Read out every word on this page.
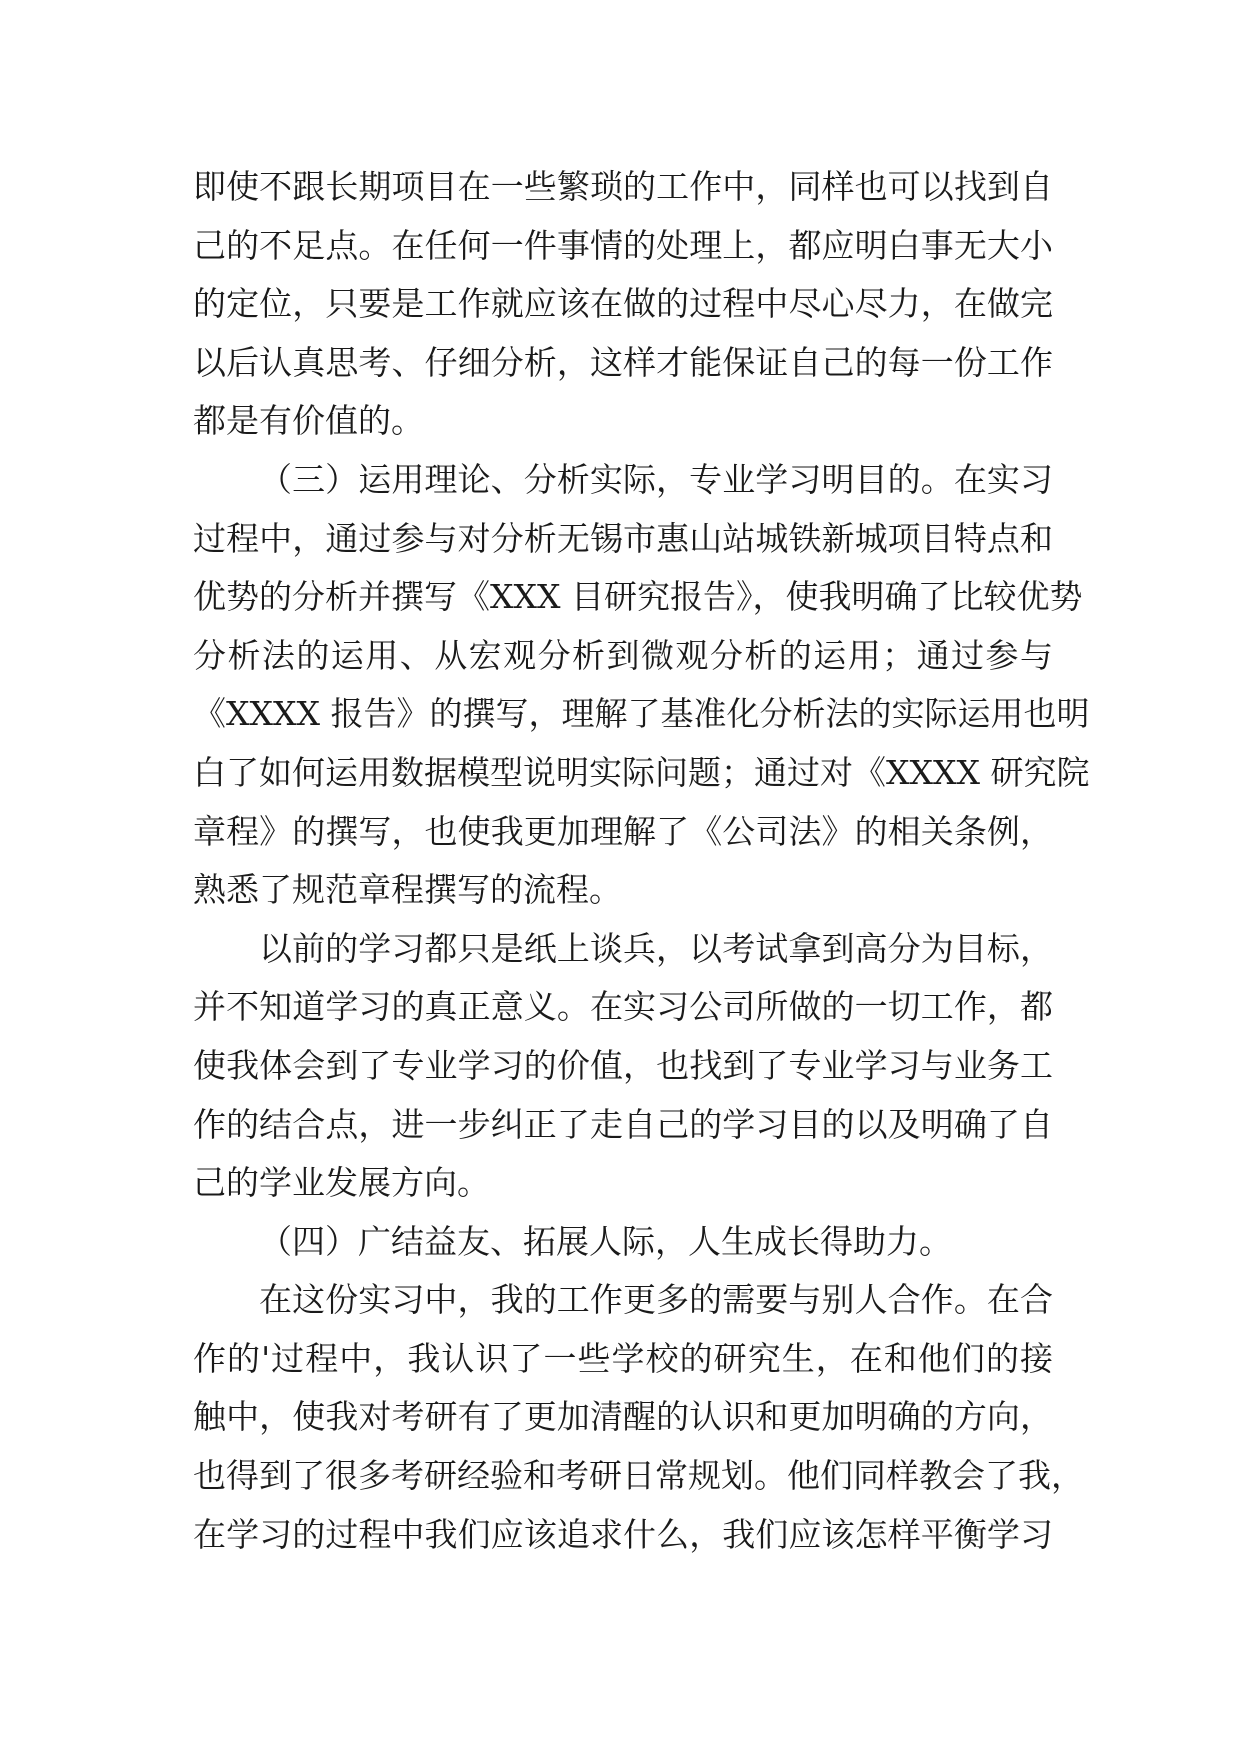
即使不跟长期项目在一些繁琐的工作中，同样也可以找到自
己的不足点。在任何一件事情的处理上，都应明白事无大小
的定位，只要是工作就应该在做的过程中尽心尽力，在做完
以后认真思考、仔细分析，这样才能保证自己的每一份工作
都是有价值的。
（三）运用理论、分析实际，专业学习明目的。在实习
过程中，通过参与对分析无锡市惠山站城铁新城项目特点和
优势的分析并撰写《XXX 目研究报告》，使我明确了比较优势
分析法的运用、从宏观分析到微观分析的运用；通过参与
《XXXX 报告》的撰写，理解了基准化分析法的实际运用也明
白了如何运用数据模型说明实际问题；通过对《XXXX 研究院
章程》的撰写，也使我更加理解了《公司法》的相关条例，
熟悉了规范章程撰写的流程。
以前的学习都只是纸上谈兵，以考试拿到高分为目标，
并不知道学习的真正意义。在实习公司所做的一切工作，都
使我体会到了专业学习的价值，也找到了专业学习与业务工
作的结合点，进一步纠正了走自己的学习目的以及明确了自
己的学业发展方向。
（四）广结益友、拓展人际，人生成长得助力。
在这份实习中，我的工作更多的需要与别人合作。在合
作的'过程中，我认识了一些学校的研究生，在和他们的接
触中，使我对考研有了更加清醒的认识和更加明确的方向，
也得到了很多考研经验和考研日常规划。他们同样教会了我，
在学习的过程中我们应该追求什么，我们应该怎样平衡学习
